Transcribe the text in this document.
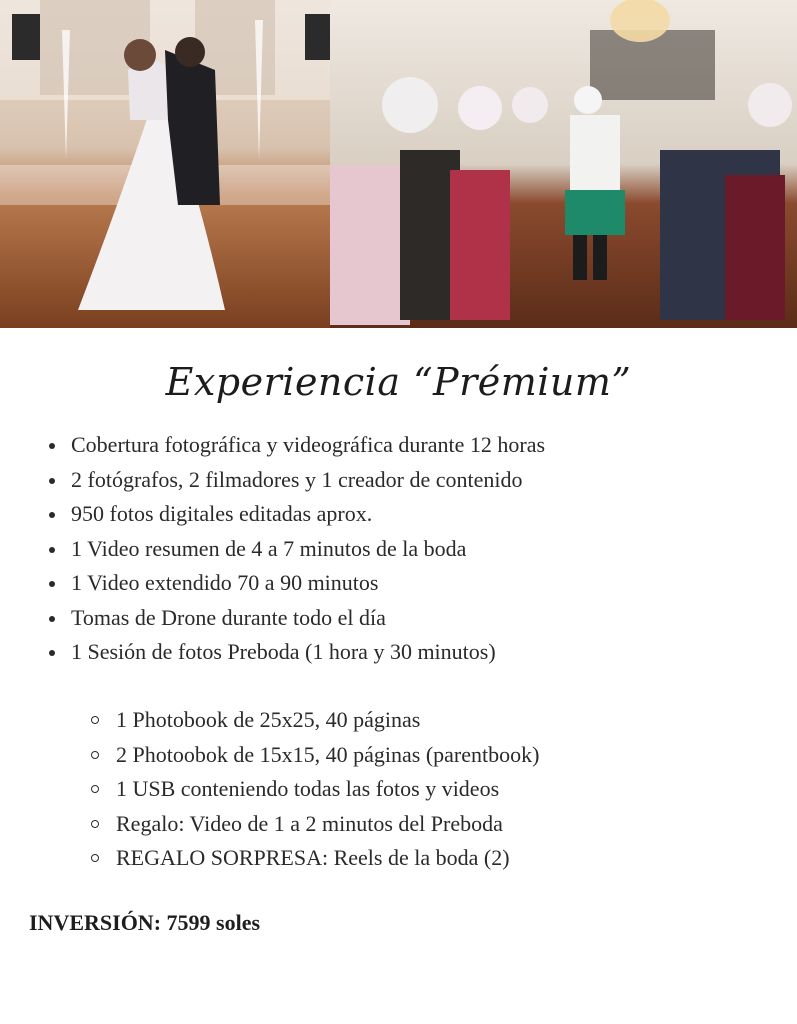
Experiencia “Prémium”
Cobertura fotográfica y videográfica durante 12 horas
2 fotógrafos, 2 filmadores y 1 creador de contenido
950 fotos digitales editadas aprox.
1 Video resumen de 4 a 7 minutos de la boda
1 Video extendido 70 a 90 minutos
Tomas de Drone durante todo el día
1 Sesión de fotos Preboda (1 hora y 30 minutos)
1 Photobook de 25x25, 40 páginas
2 Photoobok de 15x15, 40 páginas (parentbook)
1 USB conteniendo todas las fotos y videos
Regalo: Video de 1 a 2 minutos del Preboda
REGALO SORPRESA: Reels de la boda (2)
INVERSIÓN: 7599 soles
